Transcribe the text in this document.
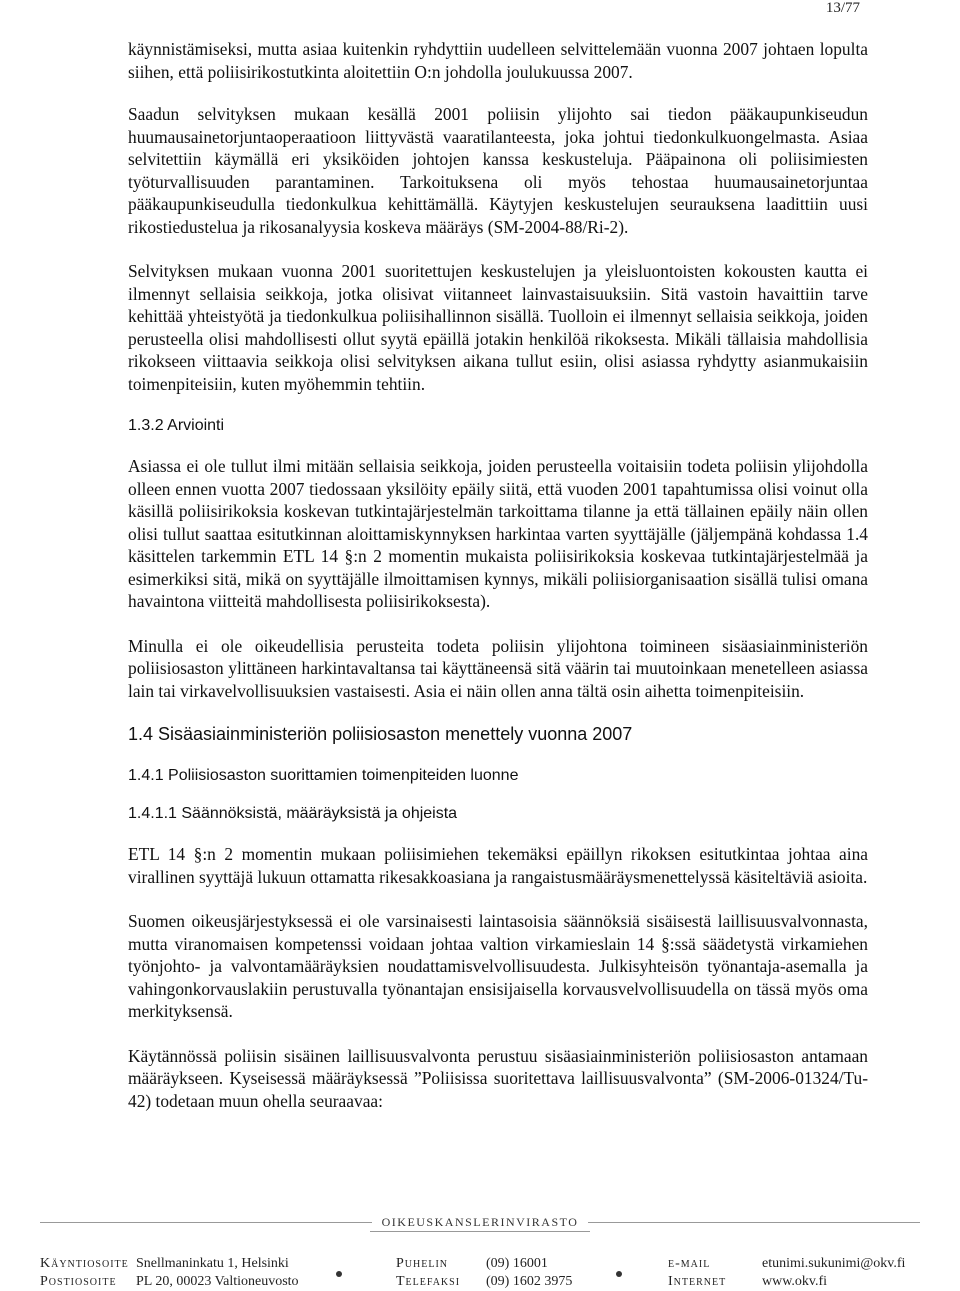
13/77

käynnistämiseksi, mutta asiaa kuitenkin ryhdyttiin uudelleen selvittelemään vuonna 2007 johtaen lopulta siihen, että poliisirikostutkinta aloitettiin O:n johdolla joulukuussa 2007.

Saadun selvityksen mukaan kesällä 2001 poliisin ylijohto sai tiedon pääkaupunkiseudun huumausainetorjuntaoperaatioon liittyvästä vaaratilanteesta, joka johtui tiedonkulkuongelmasta. Asiaa selvitettiin käymällä eri yksiköiden johtojen kanssa keskusteluja. Pääpainona oli poliisimiesten työturvallisuuden parantaminen. Tarkoituksena oli myös tehostaa huumausainetorjuntaa pääkaupunkiseudulla tiedonkulkua kehittämällä. Käytyjen keskustelujen seurauksena laadittiin uusi rikostiedustelua ja rikosanalyysia koskeva määräys (SM-2004-88/Ri-2).

Selvityksen mukaan vuonna 2001 suoritettujen keskustelujen ja yleisluontoisten kokousten kautta ei ilmennyt sellaisia seikkoja, jotka olisivat viitanneet lainvastaisuuksiin. Sitä vastoin havaittiin tarve kehittää yhteistyötä ja tiedonkulkua poliisihallinnon sisällä. Tuolloin ei ilmennyt sellaisia seikkoja, joiden perusteella olisi mahdollisesti ollut syytä epäillä jotakin henkilöä rikoksesta. Mikäli tällaisia mahdollisia rikokseen viittaavia seikkoja olisi selvityksen aikana tullut esiin, olisi asiassa ryhdytty asianmukaisiin toimenpiteisiin, kuten myöhemmin tehtiin.

1.3.2 Arviointi

Asiassa ei ole tullut ilmi mitään sellaisia seikkoja, joiden perusteella voitaisiin todeta poliisin ylijohdolla olleen ennen vuotta 2007 tiedossaan yksilöity epäily siitä, että vuoden 2001 tapahtumissa olisi voinut olla käsillä poliisirikoksia koskevan tutkintajärjestelmän tarkoittama tilanne ja että tällainen epäily näin ollen olisi tullut saattaa esitutkinnan aloittamiskynnyksen harkintaa varten syyttäjälle (jäljempänä kohdassa 1.4 käsittelen tarkemmin ETL 14 §:n 2 momentin mukaista poliisirikoksia koskevaa tutkintajärjestelmää ja esimerkiksi sitä, mikä on syyttäjälle ilmoittamisen kynnys, mikäli poliisiorganisaation sisällä tulisi omana havaintona viitteitä mahdollisesta poliisirikoksesta).

Minulla ei ole oikeudellisia perusteita todeta poliisin ylijohtona toimineen sisäasiainministeriön poliisiosaston ylittäneen harkintavaltansa tai käyttäneensä sitä väärin tai muutoinkaan menetelleen asiassa lain tai virkavelvollisuuksien vastaisesti. Asia ei näin ollen anna tältä osin aihetta toimenpiteisiin.

1.4 Sisäasiainministeriön poliisiosaston menettely vuonna 2007
1.4.1 Poliisiosaston suorittamien toimenpiteiden luonne
1.4.1.1 Säännöksistä, määräyksistä ja ohjeista

ETL 14 §:n 2 momentin mukaan poliisimiehen tekemäksi epäillyn rikoksen esitutkintaa johtaa aina virallinen syyttäjä lukuun ottamatta rikesakkoasiana ja rangaistusmääräysmenettelyssä käsiteltäviä asioita.

Suomen oikeusjärjestyksessä ei ole varsinaisesti laintasoisia säännöksiä sisäisestä laillisuusvalvonnasta, mutta viranomaisen kompetenssi voidaan johtaa valtion virkamieslain 14 §:ssä säädetystä virkamiehen työnjohto- ja valvontamääräyksien noudattamisvelvollisuudesta. Julkisyhteisön työnantaja-asemalla ja vahingonkorvauslakiin perustuvalla työnantajan ensisijaisella korvausvelvollisuudella on tässä myös oma merkityksensä.

Käytännössä poliisin sisäinen laillisuusvalvonta perustuu sisäasiainministeriön poliisiosaston antamaan määräykseen. Kyseisessä määräyksessä ”Poliisissa suoritettava laillisuusvalvonta” (SM-2006-01324/Tu-42) todetaan muun ohella seuraavaa:

OIKEUSKANSLERINVIRASTO
Käyntiosoite
Postiosoite
Snellmaninkatu 1, Helsinki
PL 20, 00023 Valtioneuvosto
Puhelin
Telefaksi
(09) 16001
(09) 1602 3975
e-mail
Internet
etunimi.sukunimi@okv.fi
www.okv.fi
